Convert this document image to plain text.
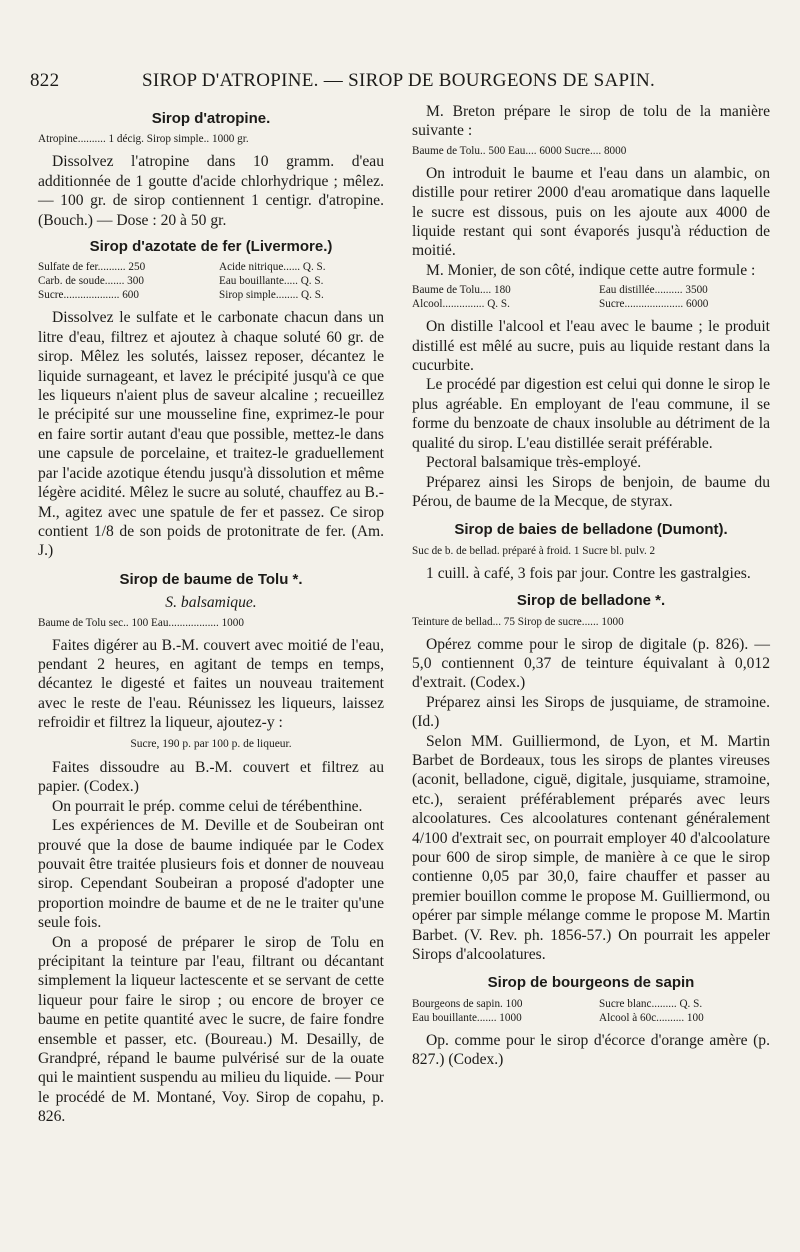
822	SIROP D'ATROPINE. — SIROP DE BOURGEONS DE SAPIN.
Sirop d'atropine.
Atropine.......... 1 décig. Sirop simple.. 1000 gr.

Dissolvez l'atropine dans 10 gramm. d'eau additionnée de 1 goutte d'acide chlorhydrique ; mêlez. — 100 gr. de sirop contiennent 1 centigr. d'atropine. (Bouch.) — Dose : 20 à 50 gr.

Sirop d'azotate de fer (Livermore.)
Sulfate de fer.......... 250	Acide nitrique...... Q. S.
Carb. de soude....... 300	Eau bouillante..... Q. S.
Sucre.................... 600	Sirop simple........ Q. S.

Dissolvez le sulfate et le carbonate chacun dans un litre d'eau, filtrez et ajoutez à chaque soluté 60 gr. de sirop. Mêlez les solutés, laissez reposer, décantez le liquide surnageant, et lavez le précipité jusqu'à ce que les liqueurs n'aient plus de saveur alcaline ; recueillez le précipité sur une mousseline fine, exprimez-le pour en faire sortir autant d'eau que possible, mettez-le dans une capsule de porcelaine, et traitez-le graduellement par l'acide azotique étendu jusqu'à dissolution et même légère acidité. Mêlez le sucre au soluté, chauffez au B.-M., agitez avec une spatule de fer et passez. Ce sirop contient 1/8 de son poids de protonitrate de fer. (Am. J.)

Sirop de baume de Tolu *.
S. balsamique.
Baume de Tolu sec.. 100 Eau.................. 1000

Faites digérer au B.-M. couvert avec moitié de l'eau, pendant 2 heures, en agitant de temps en temps, décantez le digesté et faites un nouveau traitement avec le reste de l'eau. Réunissez les liqueurs, laissez refroidir et filtrez la liqueur, ajoutez-y :

Sucre, 190 p. par 100 p. de liqueur.

Faites dissoudre au B.-M. couvert et filtrez au papier. (Codex.)

On pourrait le prép. comme celui de térébenthine.

Les expériences de M. Deville et de Soubeiran ont prouvé que la dose de baume indiquée par le Codex pouvait être traitée plusieurs fois et donner de nouveau sirop. Cependant Soubeiran a proposé d'adopter une proportion moindre de baume et de ne le traiter qu'une seule fois.

On a proposé de préparer le sirop de Tolu en précipitant la teinture par l'eau, filtrant ou décantant simplement la liqueur lactescente et se servant de cette liqueur pour faire le sirop ; ou encore de broyer ce baume en petite quantité avec le sucre, de faire fondre ensemble et passer, etc. (Boureau.) M. Desailly, de Grandpré, répand le baume pulvérisé sur de la ouate qui le maintient suspendu au milieu du liquide. — Pour le procédé de M. Montané, Voy. Sirop de copahu, p. 826.

M. Breton prépare le sirop de tolu de la manière suivante :

Baume de Tolu.. 500 Eau.... 6000 Sucre.... 8000

On introduit le baume et l'eau dans un alambic, on distille pour retirer 2000 d'eau aromatique dans laquelle le sucre est dissous, puis on les ajoute aux 4000 de liquide restant qui sont évaporés jusqu'à réduction de moitié.

M. Monier, de son côté, indique cette autre formule :

Baume de Tolu.... 180	Eau distillée.......... 3500
Alcool............... Q. S.	Sucre..................... 6000

On distille l'alcool et l'eau avec le baume ; le produit distillé est mêlé au sucre, puis au liquide restant dans la cucurbite.

Le procédé par digestion est celui qui donne le sirop le plus agréable. En employant de l'eau commune, il se forme du benzoate de chaux insoluble au détriment de la qualité du sirop. L'eau distillée serait préférable.

Pectoral balsamique très-employé.

Préparez ainsi les Sirops de benjoin, de baume du Pérou, de baume de la Mecque, de styrax.

Sirop de baies de belladone (Dumont).
Suc de b. de bellad. préparé à froid. 1 Sucre bl. pulv. 2

1 cuill. à café, 3 fois par jour. Contre les gastralgies.

Sirop de belladone *.
Teinture de bellad... 75 Sirop de sucre...... 1000

Opérez comme pour le sirop de digitale (p. 826). — 5,0 contiennent 0,37 de teinture équivalant à 0,012 d'extrait. (Codex.)

Préparez ainsi les Sirops de jusquiame, de stramoine. (Id.)

Selon MM. Guilliermond, de Lyon, et M. Martin Barbet de Bordeaux, tous les sirops de plantes vireuses (aconit, belladone, ciguë, digitale, jusquiame, stramoine, etc.), seraient préférablement préparés avec leurs alcoolatures. Ces alcoolatures contenant généralement 4/100 d'extrait sec, on pourrait employer 40 d'alcoolature pour 600 de sirop simple, de manière à ce que le sirop contienne 0,05 par 30,0, faire chauffer et passer au premier bouillon comme le propose M. Guilliermond, ou opérer par simple mélange comme le propose M. Martin Barbet. (V. Rev. ph. 1856-57.) On pourrait les appeler Sirops d'alcoolatures.

Sirop de bourgeons de sapin
Bourgeons de sapin. 100	Sucre blanc......... Q. S.
Eau bouillante....... 1000	Alcool à 60c.......... 100

Op. comme pour le sirop d'écorce d'orange amère (p. 827.) (Codex.)
